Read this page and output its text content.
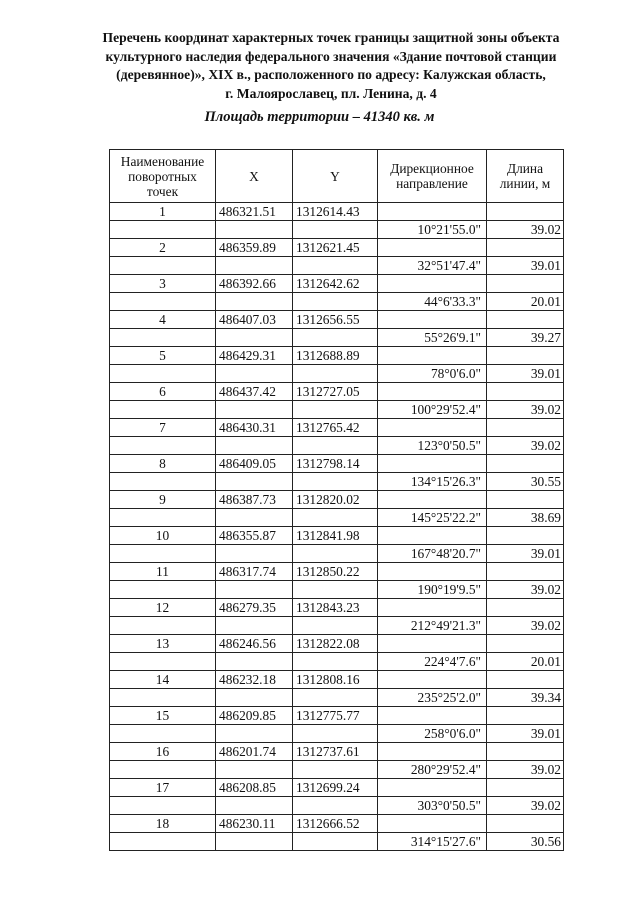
Перечень координат характерных точек границы защитной зоны объекта
культурного наследия федерального значения «Здание почтовой станции
(деревянное)», XIX в., расположенного по адресу: Калужская область,
г. Малоярославец, пл. Ленина, д. 4
Площадь территории – 41340 кв. м
Наименование поворотных точек	X	Y	Дирекционное направление	Длина линии, м
1	486321.51	1312614.43		
			10°21'55.0"	39.02
2	486359.89	1312621.45		
			32°51'47.4"	39.01
3	486392.66	1312642.62		
			44°6'33.3"	20.01
4	486407.03	1312656.55		
			55°26'9.1"	39.27
5	486429.31	1312688.89		
			78°0'6.0"	39.01
6	486437.42	1312727.05		
			100°29'52.4"	39.02
7	486430.31	1312765.42		
			123°0'50.5"	39.02
8	486409.05	1312798.14		
			134°15'26.3"	30.55
9	486387.73	1312820.02		
			145°25'22.2"	38.69
10	486355.87	1312841.98		
			167°48'20.7"	39.01
11	486317.74	1312850.22		
			190°19'9.5"	39.02
12	486279.35	1312843.23		
			212°49'21.3"	39.02
13	486246.56	1312822.08		
			224°4'7.6"	20.01
14	486232.18	1312808.16		
			235°25'2.0"	39.34
15	486209.85	1312775.77		
			258°0'6.0"	39.01
16	486201.74	1312737.61		
			280°29'52.4"	39.02
17	486208.85	1312699.24		
			303°0'50.5"	39.02
18	486230.11	1312666.52		
			314°15'27.6"	30.56
